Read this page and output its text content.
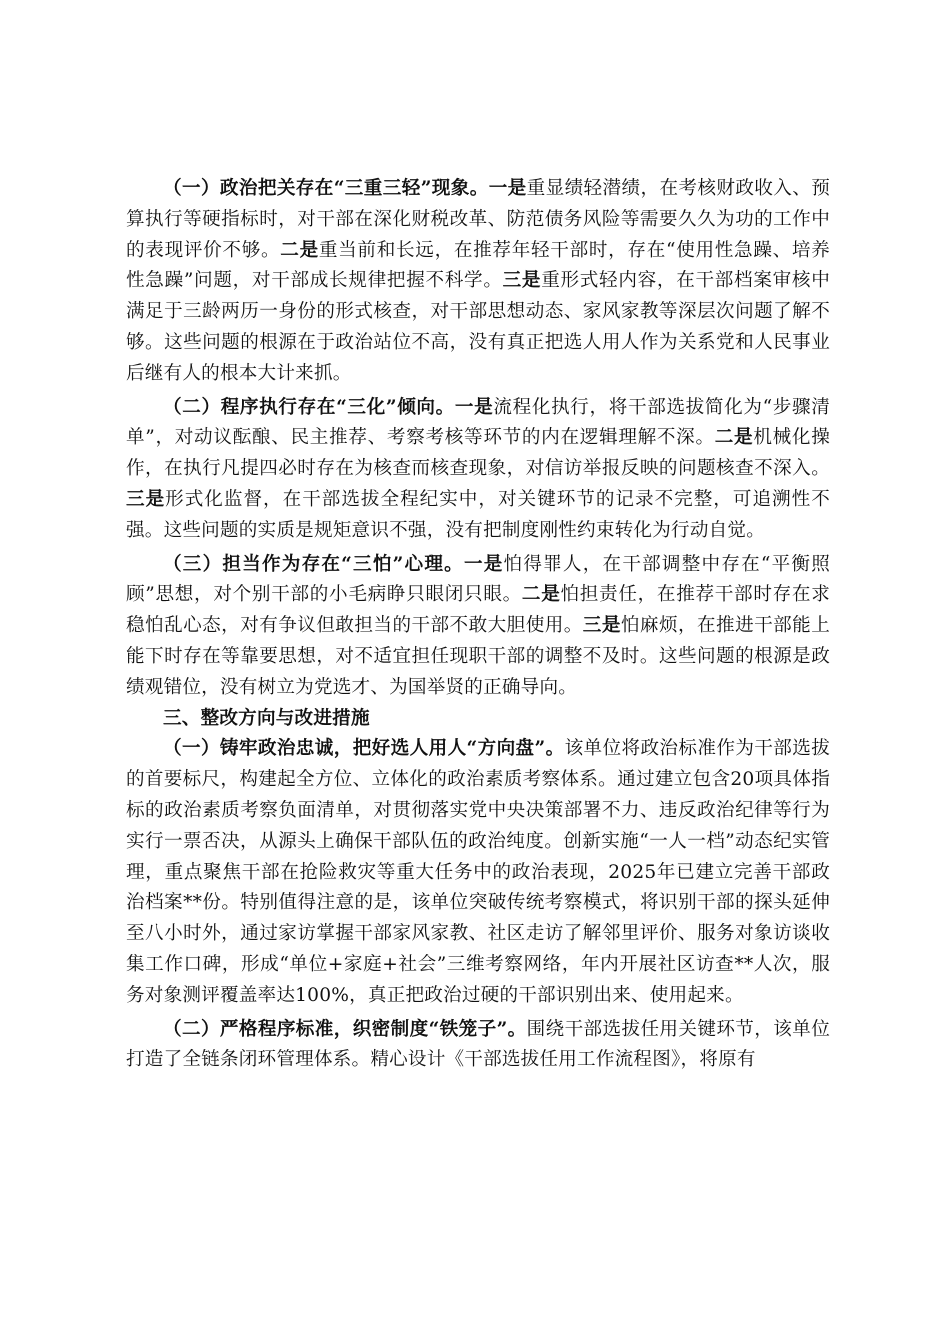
（一）政治把关存在“三重三轻”现象。一是重显绩轻潜绩，在考核财政收入、预算执行等硬指标时，对干部在深化财税改革、防范债务风险等需要久久为功的工作中的表现评价不够。二是重当前和长远，在推荐年轻干部时，存在“使用性急躁、培养性急躁”问题，对干部成长规律把握不科学。三是重形式轻内容，在干部档案审核中满足于三龄两历一身份的形式核查，对干部思想动态、家风家教等深层次问题了解不够。这些问题的根源在于政治站位不高，没有真正把选人用人作为关系党和人民事业后继有人的根本大计来抓。

（二）程序执行存在“三化”倾向。一是流程化执行，将干部选拔简化为“步骤清单”，对动议酝酿、民主推荐、考察考核等环节的内在逻辑理解不深。二是机械化操作，在执行凡提四必时存在为核查而核查现象，对信访举报反映的问题核查不深入。三是形式化监督，在干部选拔全程纪实中，对关键环节的记录不完整，可追溯性不强。这些问题的实质是规矩意识不强，没有把制度刚性约束转化为行动自觉。

（三）担当作为存在“三怕”心理。一是怕得罪人，在干部调整中存在“平衡照顾”思想，对个别干部的小毛病睁只眼闭只眼。二是怕担责任，在推荐干部时存在求稳怕乱心态，对有争议但敢担当的干部不敢大胆使用。三是怕麻烦，在推进干部能上能下时存在等靠要思想，对不适宜担任现职干部的调整不及时。这些问题的根源是政绩观错位，没有树立为党选才、为国举贤的正确导向。

三、整改方向与改进措施

（一）铸牢政治忠诚，把好选人用人“方向盘”。该单位将政治标准作为干部选拔的首要标尺，构建起全方位、立体化的政治素质考察体系。通过建立包含20项具体指标的政治素质考察负面清单，对贯彻落实党中央决策部署不力、违反政治纪律等行为实行一票否决，从源头上确保干部队伍的政治纯度。创新实施“一人一档”动态纪实管理，重点聚焦干部在抢险救灾等重大任务中的政治表现，2025年已建立完善干部政治档案**份。特别值得注意的是，该单位突破传统考察模式，将识别干部的探头延伸至八小时外，通过家访掌握干部家风家教、社区走访了解邻里评价、服务对象访谈收集工作口碑，形成“单位+家庭+社会”三维考察网络，年内开展社区访查**人次，服务对象测评覆盖率达100%，真正把政治过硬的干部识别出来、使用起来。

（二）严格程序标准，织密制度“铁笼子”。围绕干部选拔任用关键环节，该单位打造了全链条闭环管理体系。精心设计《干部选拔任用工作流程图》，将原有
